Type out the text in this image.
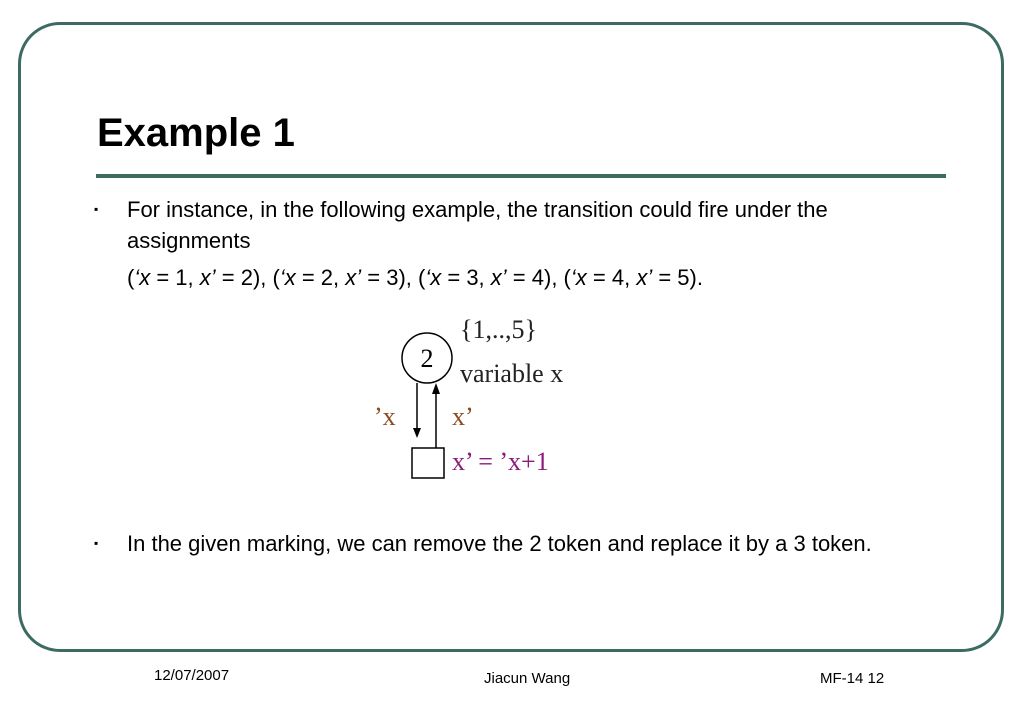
Example 1
▪ For instance, in the following example, the transition could fire under the assignments
(‘x = 1, x’ = 2), (‘x = 2, x’ = 3), (‘x = 3, x’ = 4), (‘x = 4, x’ = 5).
2
{1,..,5}
variable x
’x x’
x’ = ’x+1
▪ In the given marking, we can remove the 2 token and replace it by a 3 token.
12/07/2007	Jiacun Wang	MF-14 12
